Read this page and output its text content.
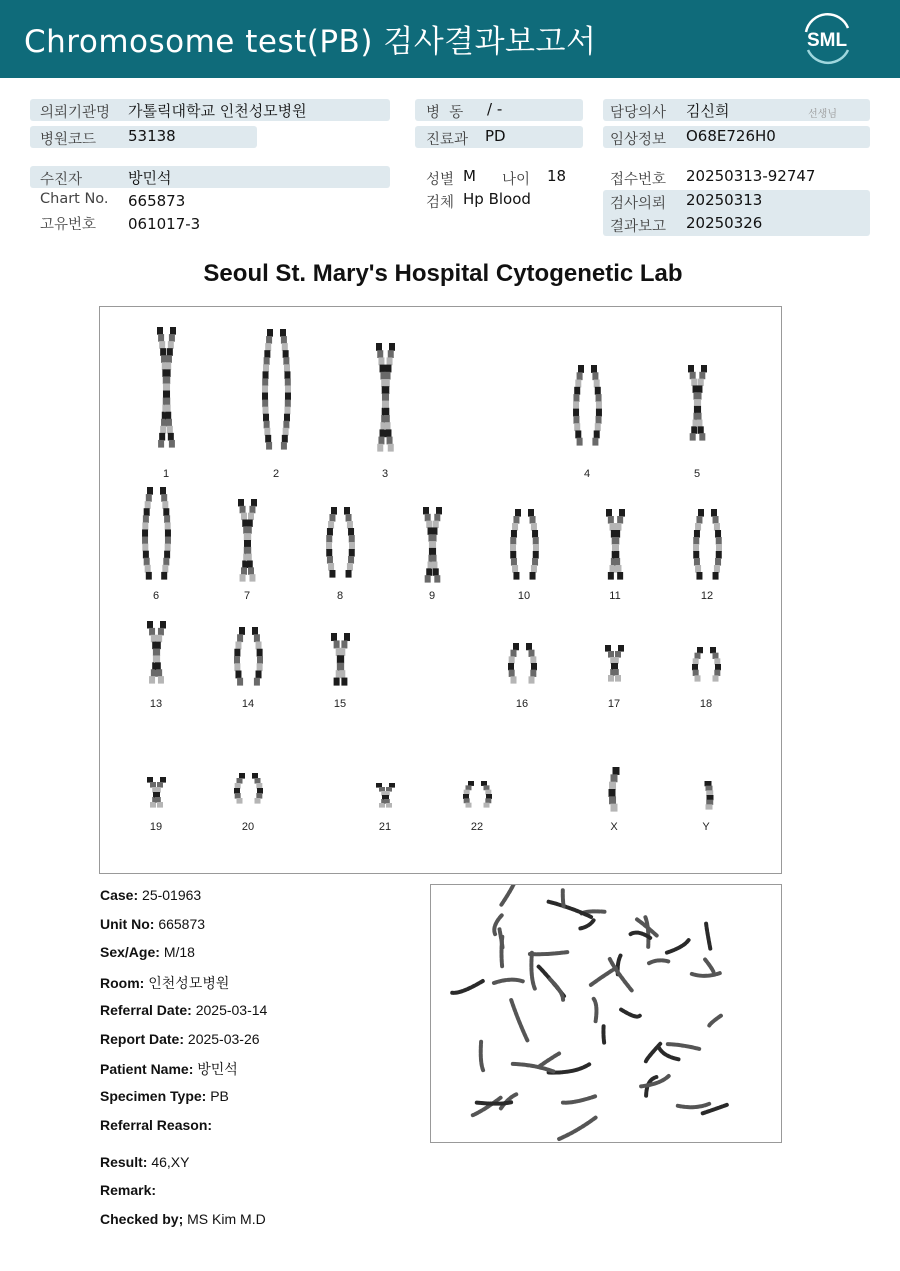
Chromosome test(PB) 검사결과보고서	SML
의뢰기관명 가톨릭대학교 인천성모병원
병원코드 53138
병  동 / -
진료과 PD
담당의사 김신희	선생님
임상정보 O68E726H0
수진자	방민석
Chart No. 665873
고유번호 061017-3
성별 M 나이 18
검체 Hp Blood
접수번호 20250313-92747
검사의뢰 20250313
결과보고 20250326
Seoul St. Mary's Hospital Cytogenetic Lab
1	2	3	4	5
6	7	8	9	10	11	12
13	14	15	16	17	18
19	20	21	22	X	Y
Case: 25-01963
Unit No: 665873
Sex/Age: M/18
Room: 인천성모병원
Referral Date: 2025-03-14
Report Date: 2025-03-26
Patient Name: 방민석
Specimen Type: PB
Referral Reason:
Result: 46,XY
Remark:
Checked by; MS Kim M.D
